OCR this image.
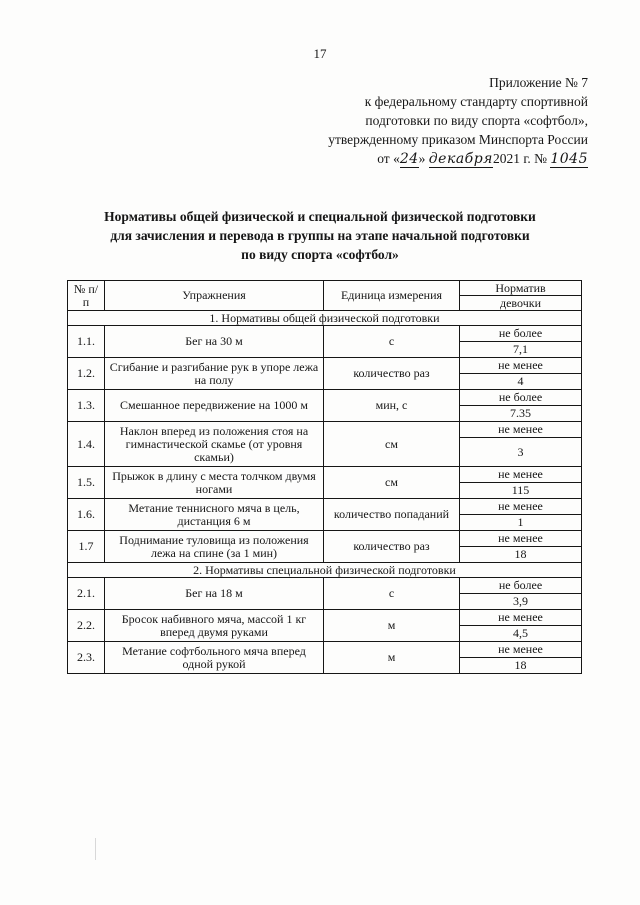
17
Приложение № 7
к федеральному стандарту спортивной
подготовки по виду спорта «софтбол»,
утвержденному приказом Минспорта России
от «24» декабря2021 г. № 1045
Нормативы общей физической и специальной физической подготовки
для зачисления и перевода в группы на этапе начальной подготовки
по виду спорта «софтбол»
№ п/п	Упражнения	Единица измерения	Норматив
			девочки
1. Нормативы общей физической подготовки			
1.1.	Бег на 30 м	с	не более
			7,1
1.2.	Сгибание и разгибание рук в упоре лежа на полу	количество раз	не менее
			4
1.3.	Смешанное передвижение на 1000 м	мин, с	не более
			7.35
1.4.	Наклон вперед из положения стоя на гимнастической скамье (от уровня скамьи)	см	не менее
			3
1.5.	Прыжок в длину с места толчком двумя ногами	см	не менее
			115
1.6.	Метание теннисного мяча в цель, дистанция 6 м	количество попаданий	не менее
			1
1.7	Поднимание туловища из положения лежа на спине (за 1 мин)	количество раз	не менее
			18
2. Нормативы специальной физической подготовки			
2.1.	Бег на 18 м	с	не более
			3,9
2.2.	Бросок набивного мяча, массой 1 кг вперед двумя руками	м	не менее
			4,5
2.3.	Метание софтбольного мяча вперед одной рукой	м	не менее
			18
